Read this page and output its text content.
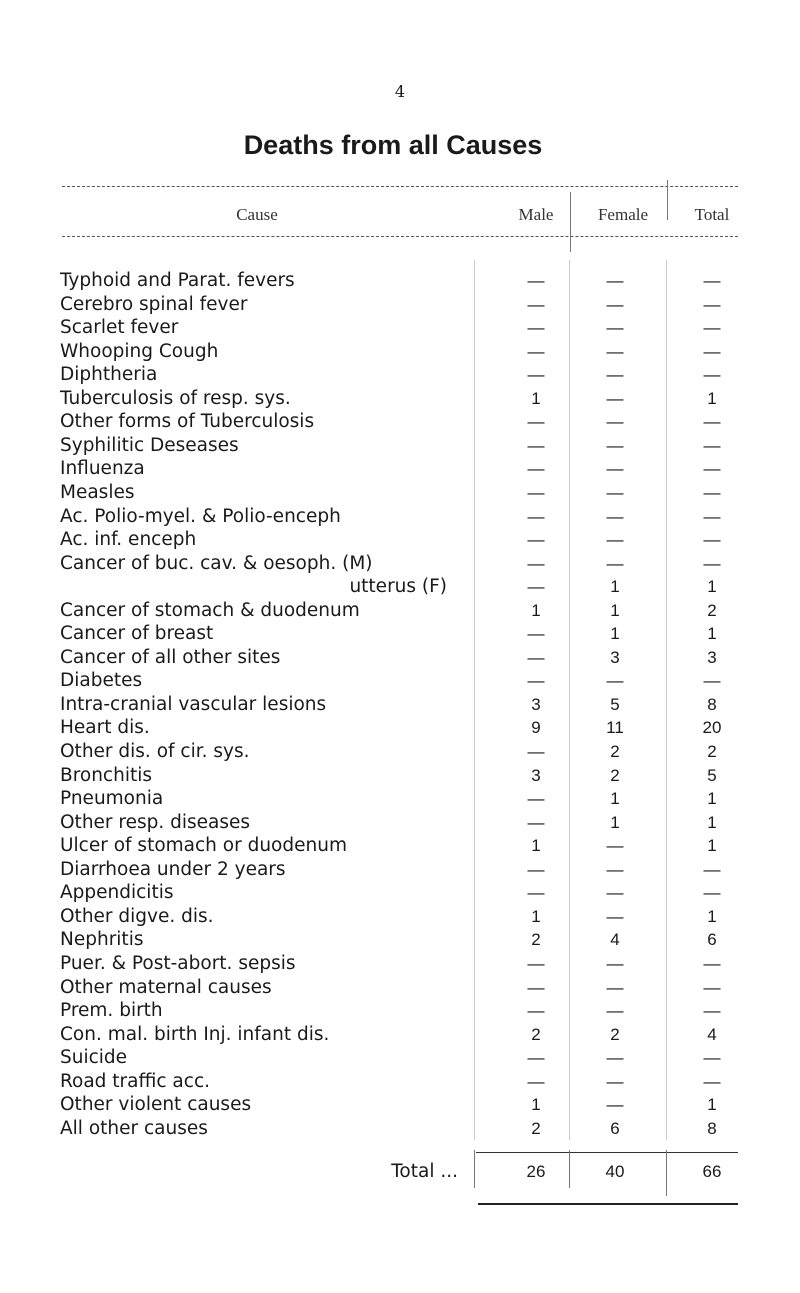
4
Deaths from all Causes
Cause	Male	Female	Total
Typhoid and Parat. fevers	—	—	—
Cerebro spinal fever	—	—	—
Scarlet fever	—	—	—
Whooping Cough	—	—	—
Diphtheria	—	—	—
Tuberculosis of resp. sys.	1	—	1
Other forms of Tuberculosis	—	—	—
Syphilitic Deseases	—	—	—
Influenza	—	—	—
Measles	—	—	—
Ac. Polio-myel. & Polio-enceph	—	—	—
Ac. inf. enceph	—	—	—
Cancer of buc. cav. & oesoph. (M)	—	—	—
utterus (F)	—	1	1
Cancer of stomach & duodenum	1	1	2
Cancer of breast	—	1	1
Cancer of all other sites	—	3	3
Diabetes	—	—	—
Intra-cranial vascular lesions	3	5	8
Heart dis.	9	11	20
Other dis. of cir. sys.	—	2	2
Bronchitis	3	2	5
Pneumonia	—	1	1
Other resp. diseases	—	1	1
Ulcer of stomach or duodenum	1	—	1
Diarrhoea under 2 years	—	—	—
Appendicitis	—	—	—
Other digve. dis.	1	—	1
Nephritis	2	4	6
Puer. & Post-abort. sepsis	—	—	—
Other maternal causes	—	—	—
Prem. birth	—	—	—
Con. mal. birth Inj. infant dis.	2	2	4
Suicide	—	—	—
Road traffic acc.	—	—	—
Other violent causes	1	—	1
All other causes	2	6	8
Total ...	26	40	66
